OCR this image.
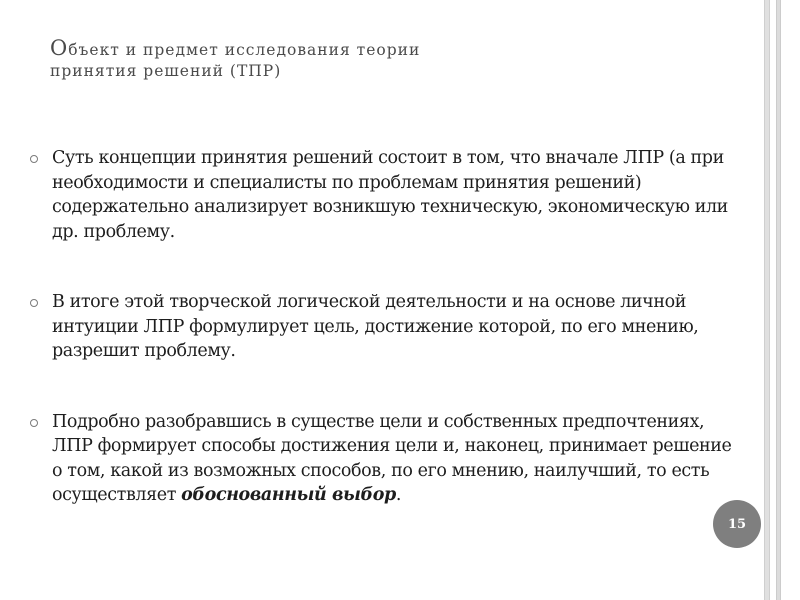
Объект и предмет исследования теории
принятия решений (ТПР)
Суть концепции принятия решений состоит в том, что вначале ЛПР (а при необходимости и специалисты по проблемам принятия решений) содержательно анализирует возникшую техническую, экономическую или др. проблему.
В итоге этой творческой логической деятельности и на основе личной интуиции ЛПР формулирует цель, достижение которой, по его мнению, разрешит проблему.
Подробно разобравшись в существе цели и собственных предпочтениях, ЛПР формирует способы достижения цели и, наконец, принимает решение о том, какой из возможных способов, по его мнению, наилучший, то есть осуществляет обоснованный выбор.
15
